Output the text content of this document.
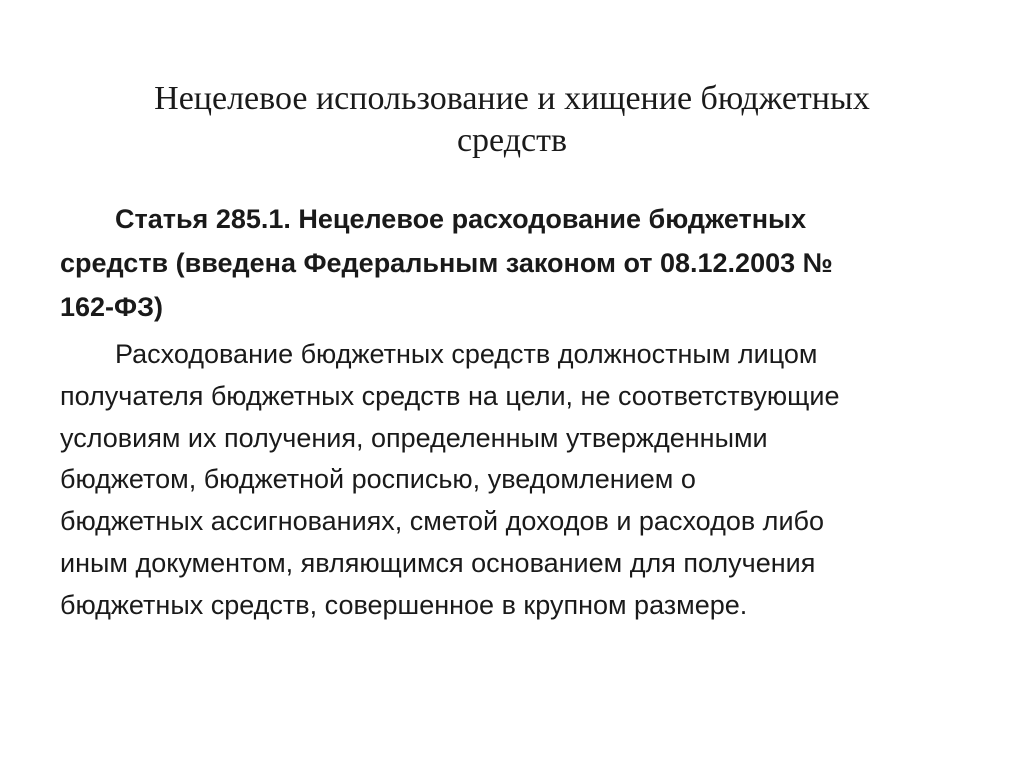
Нецелевое использование и хищение бюджетных
средств
Статья 285.1. Нецелевое расходование бюджетных
средств (введена Федеральным законом от 08.12.2003 №
162-ФЗ)
Расходование бюджетных средств должностным лицом
получателя бюджетных средств на цели, не соответствующие
условиям их получения, определенным утвержденными
бюджетом, бюджетной росписью, уведомлением о
бюджетных ассигнованиях, сметой доходов и расходов либо
иным документом, являющимся основанием для получения
бюджетных средств, совершенное в крупном размере.
